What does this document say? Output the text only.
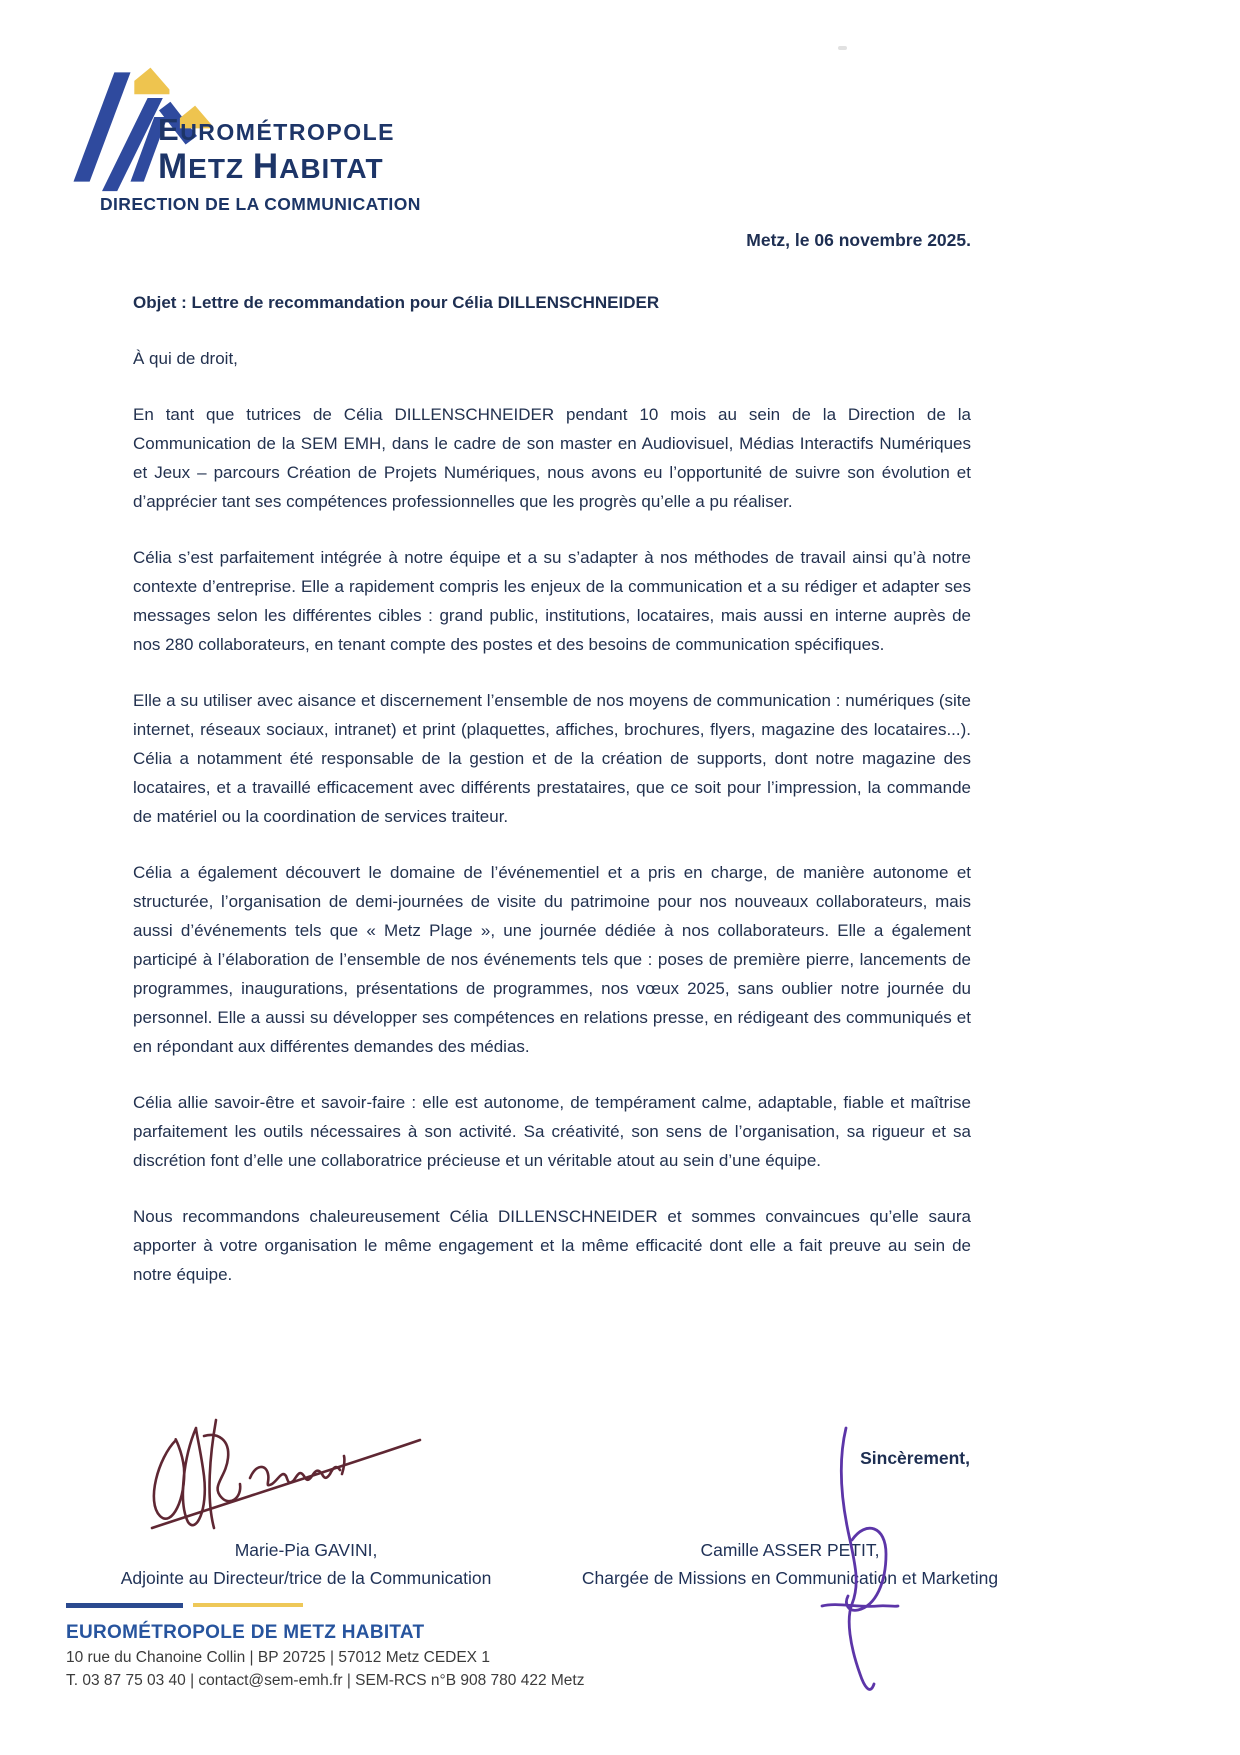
EUROMÉTROPOLE
METZ HABITAT
DIRECTION DE LA COMMUNICATION
Metz, le 06 novembre 2025.

Objet : Lettre de recommandation pour Célia DILLENSCHNEIDER

À qui de droit,

En tant que tutrices de Célia DILLENSCHNEIDER pendant 10 mois au sein de la Direction de la Communication de la SEM EMH, dans le cadre de son master en Audiovisuel, Médias Interactifs Numériques et Jeux – parcours Création de Projets Numériques, nous avons eu l’opportunité de suivre son évolution et d’apprécier tant ses compétences professionnelles que les progrès qu’elle a pu réaliser.

Célia s’est parfaitement intégrée à notre équipe et a su s’adapter à nos méthodes de travail ainsi qu’à notre contexte d’entreprise. Elle a rapidement compris les enjeux de la communication et a su rédiger et adapter ses messages selon les différentes cibles : grand public, institutions, locataires, mais aussi en interne auprès de nos 280 collaborateurs, en tenant compte des postes et des besoins de communication spécifiques.

Elle a su utiliser avec aisance et discernement l’ensemble de nos moyens de communication : numériques (site internet, réseaux sociaux, intranet) et print (plaquettes, affiches, brochures, flyers, magazine des locataires...). Célia a notamment été responsable de la gestion et de la création de supports, dont notre magazine des locataires, et a travaillé efficacement avec différents prestataires, que ce soit pour l’impression, la commande de matériel ou la coordination de services traiteur.

Célia a également découvert le domaine de l’événementiel et a pris en charge, de manière autonome et structurée, l’organisation de demi-journées de visite du patrimoine pour nos nouveaux collaborateurs, mais aussi d’événements tels que « Metz Plage », une journée dédiée à nos collaborateurs. Elle a également participé à l’élaboration de l’ensemble de nos événements tels que : poses de première pierre, lancements de programmes, inaugurations, présentations de programmes, nos vœux 2025, sans oublier notre journée du personnel. Elle a aussi su développer ses compétences en relations presse, en rédigeant des communiqués et en répondant aux différentes demandes des médias.

Célia allie savoir-être et savoir-faire : elle est autonome, de tempérament calme, adaptable, fiable et maîtrise parfaitement les outils nécessaires à son activité. Sa créativité, son sens de l’organisation, sa rigueur et sa discrétion font d’elle une collaboratrice précieuse et un véritable atout au sein d’une équipe.

Nous recommandons chaleureusement Célia DILLENSCHNEIDER et sommes convaincues qu’elle saura apporter à votre organisation le même engagement et la même efficacité dont elle a fait preuve au sein de notre équipe.

Sincèrement,
Marie-Pia GAVINI,
Adjointe au Directeur/trice de la Communication
Camille ASSER PETIT,
Chargée de Missions en Communication et Marketing
EUROMÉTROPOLE DE METZ HABITAT
10 rue du Chanoine Collin | BP 20725 | 57012 Metz CEDEX 1
T. 03 87 75 03 40 | contact@sem-emh.fr | SEM-RCS n°B 908 780 422 Metz
